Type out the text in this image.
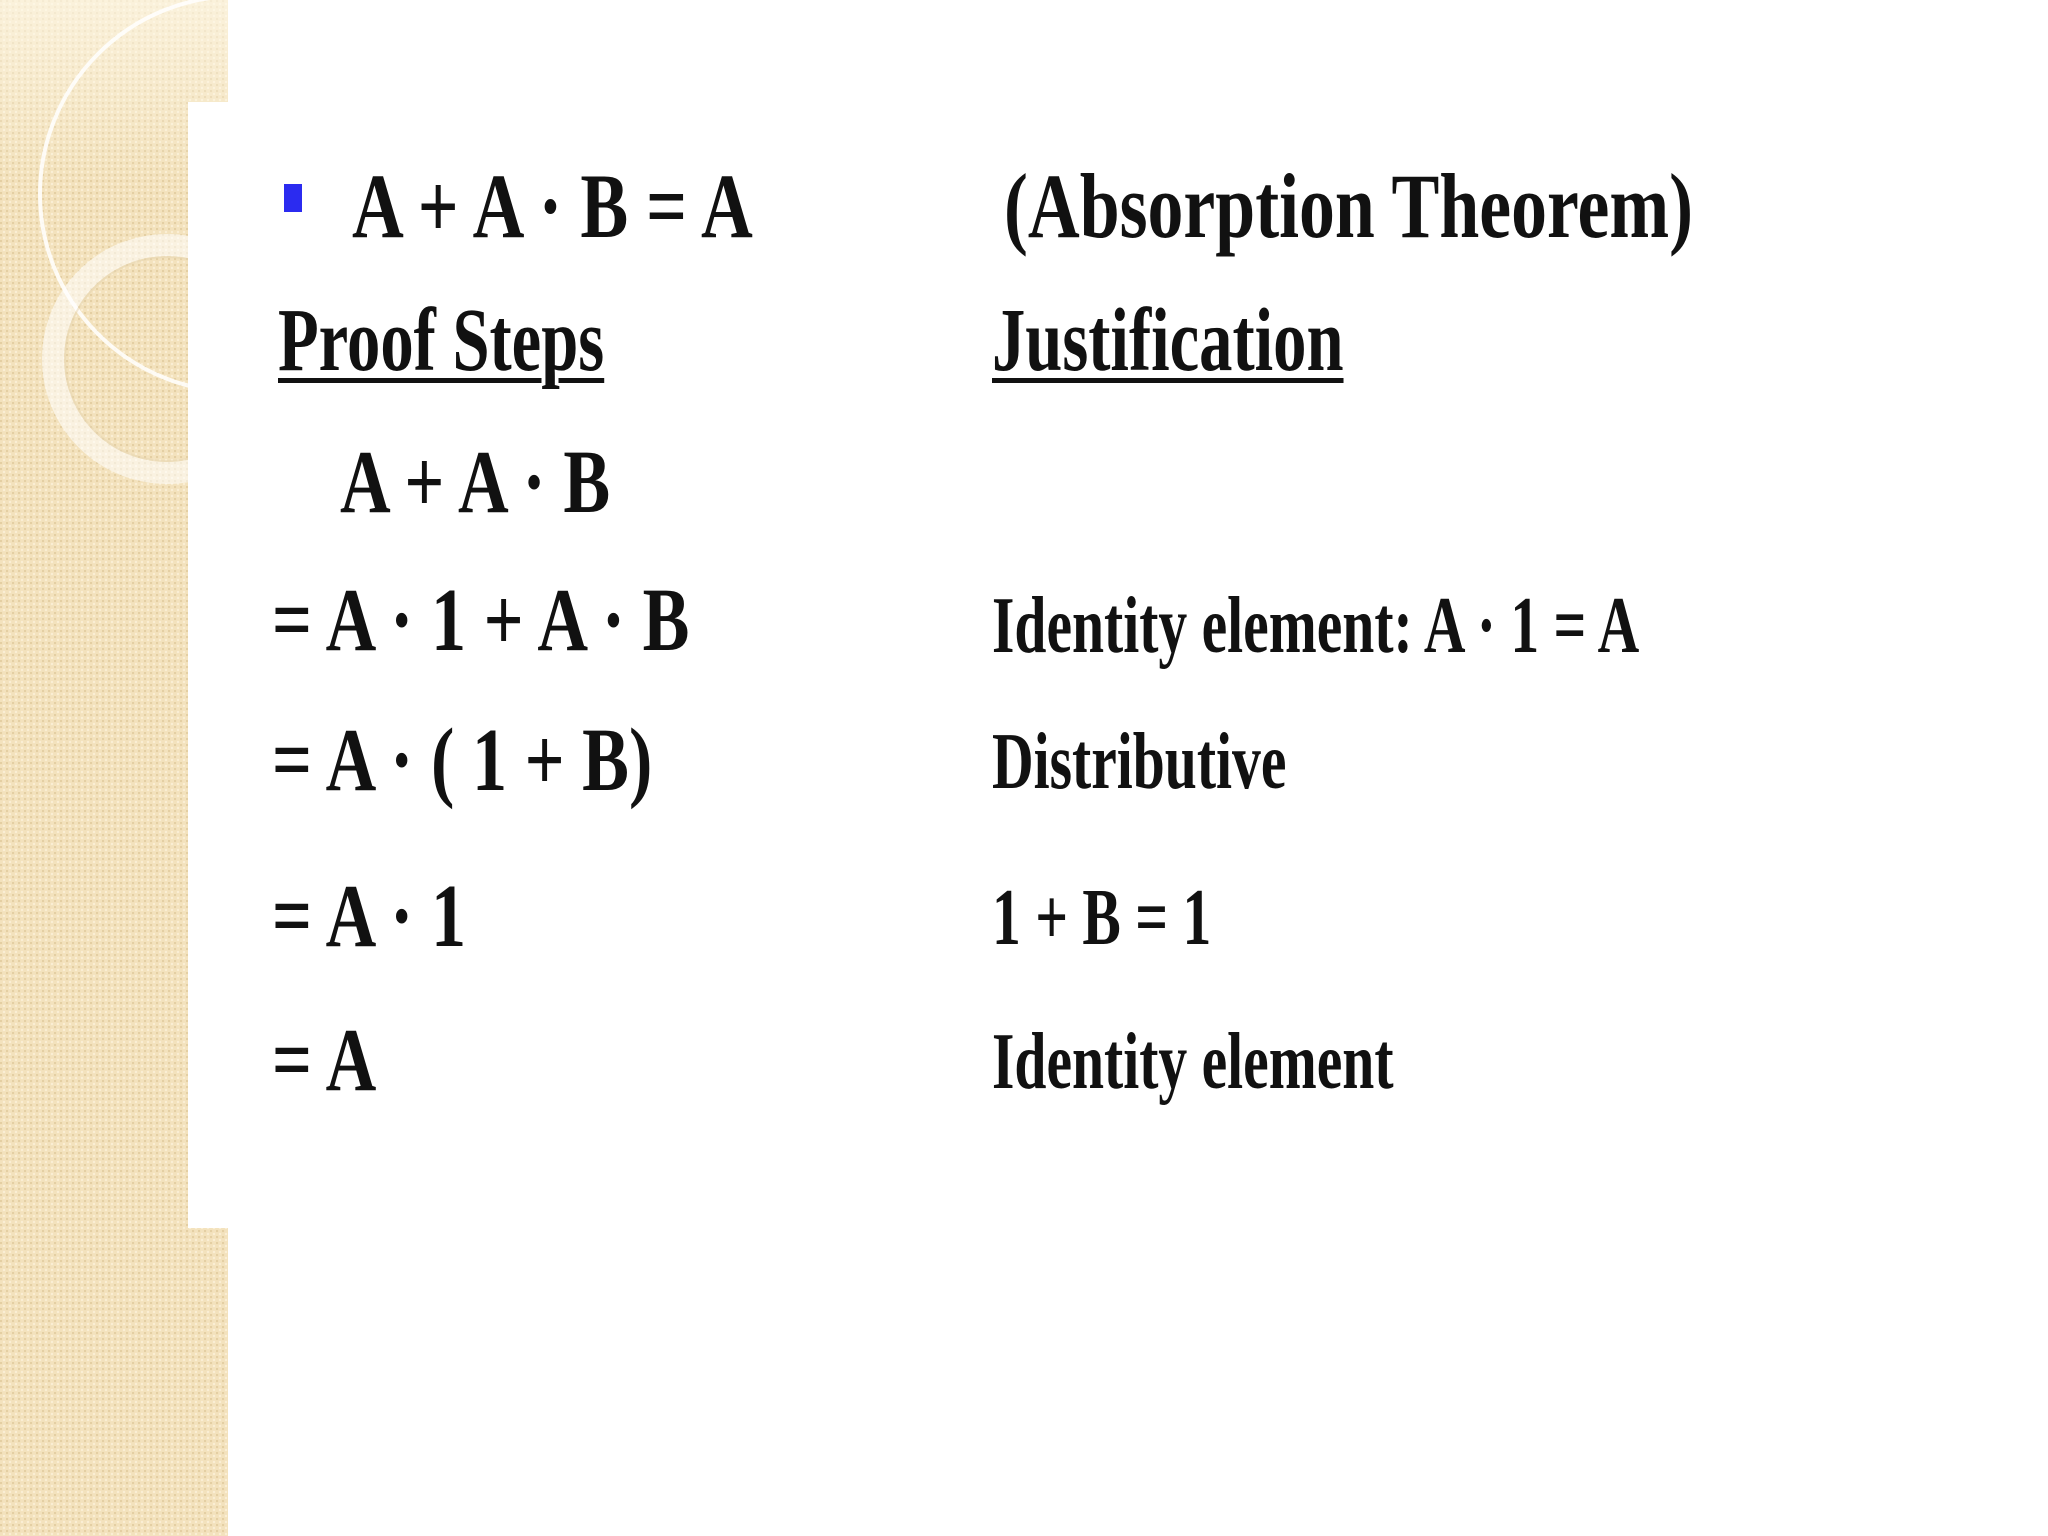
A + A · B = A	(Absorption Theorem)
Proof Steps	Justification
A + A · B
= A · 1 + A · B	Identity element: A · 1 = A
= A · ( 1 + B)	Distributive
= A · 1	1 + B = 1
= A	Identity element
